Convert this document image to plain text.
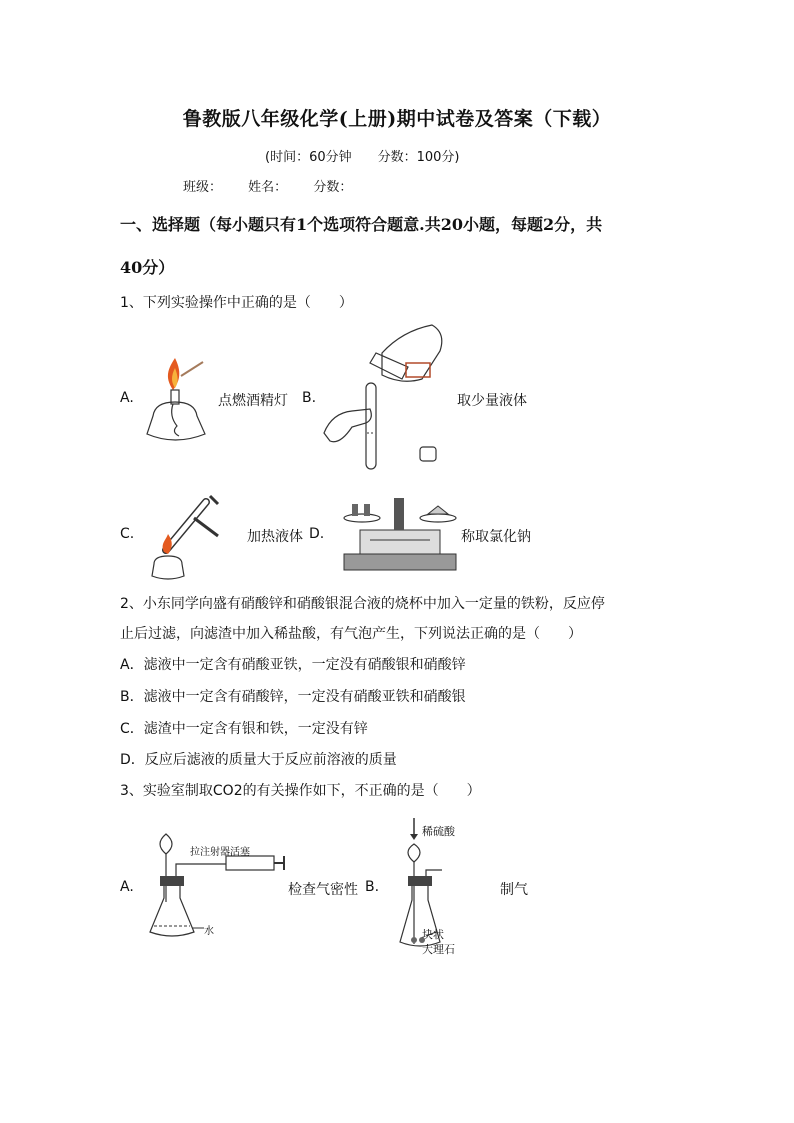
鲁教版八年级化学(上册)期中试卷及答案（下载）
(时间：60分钟　　分数：100分)
班级： 姓名： 分数：
一、选择题（每小题只有1个选项符合题意.共20小题，每题2分，共
40分）
1、下列实验操作中正确的是（　　）
A.	点燃酒精灯 B.	取少量液体
C.	加热液体 D.	称取氯化钠
2、小东同学向盛有硝酸锌和硝酸银混合液的烧杯中加入一定量的铁粉，反应停
止后过滤，向滤渣中加入稀盐酸，有气泡产生，下列说法正确的是（　　）
A．滤液中一定含有硝酸亚铁，一定没有硝酸银和硝酸锌
B．滤液中一定含有硝酸锌，一定没有硝酸亚铁和硝酸银
C．滤渣中一定含有银和铁，一定没有锌
D．反应后滤液的质量大于反应前溶液的质量
3、实验室制取CO2的有关操作如下，不正确的是（　　）
A.
拉注射器活塞
水
检查气密性 B.
稀硫酸
块状
大理石
制气
